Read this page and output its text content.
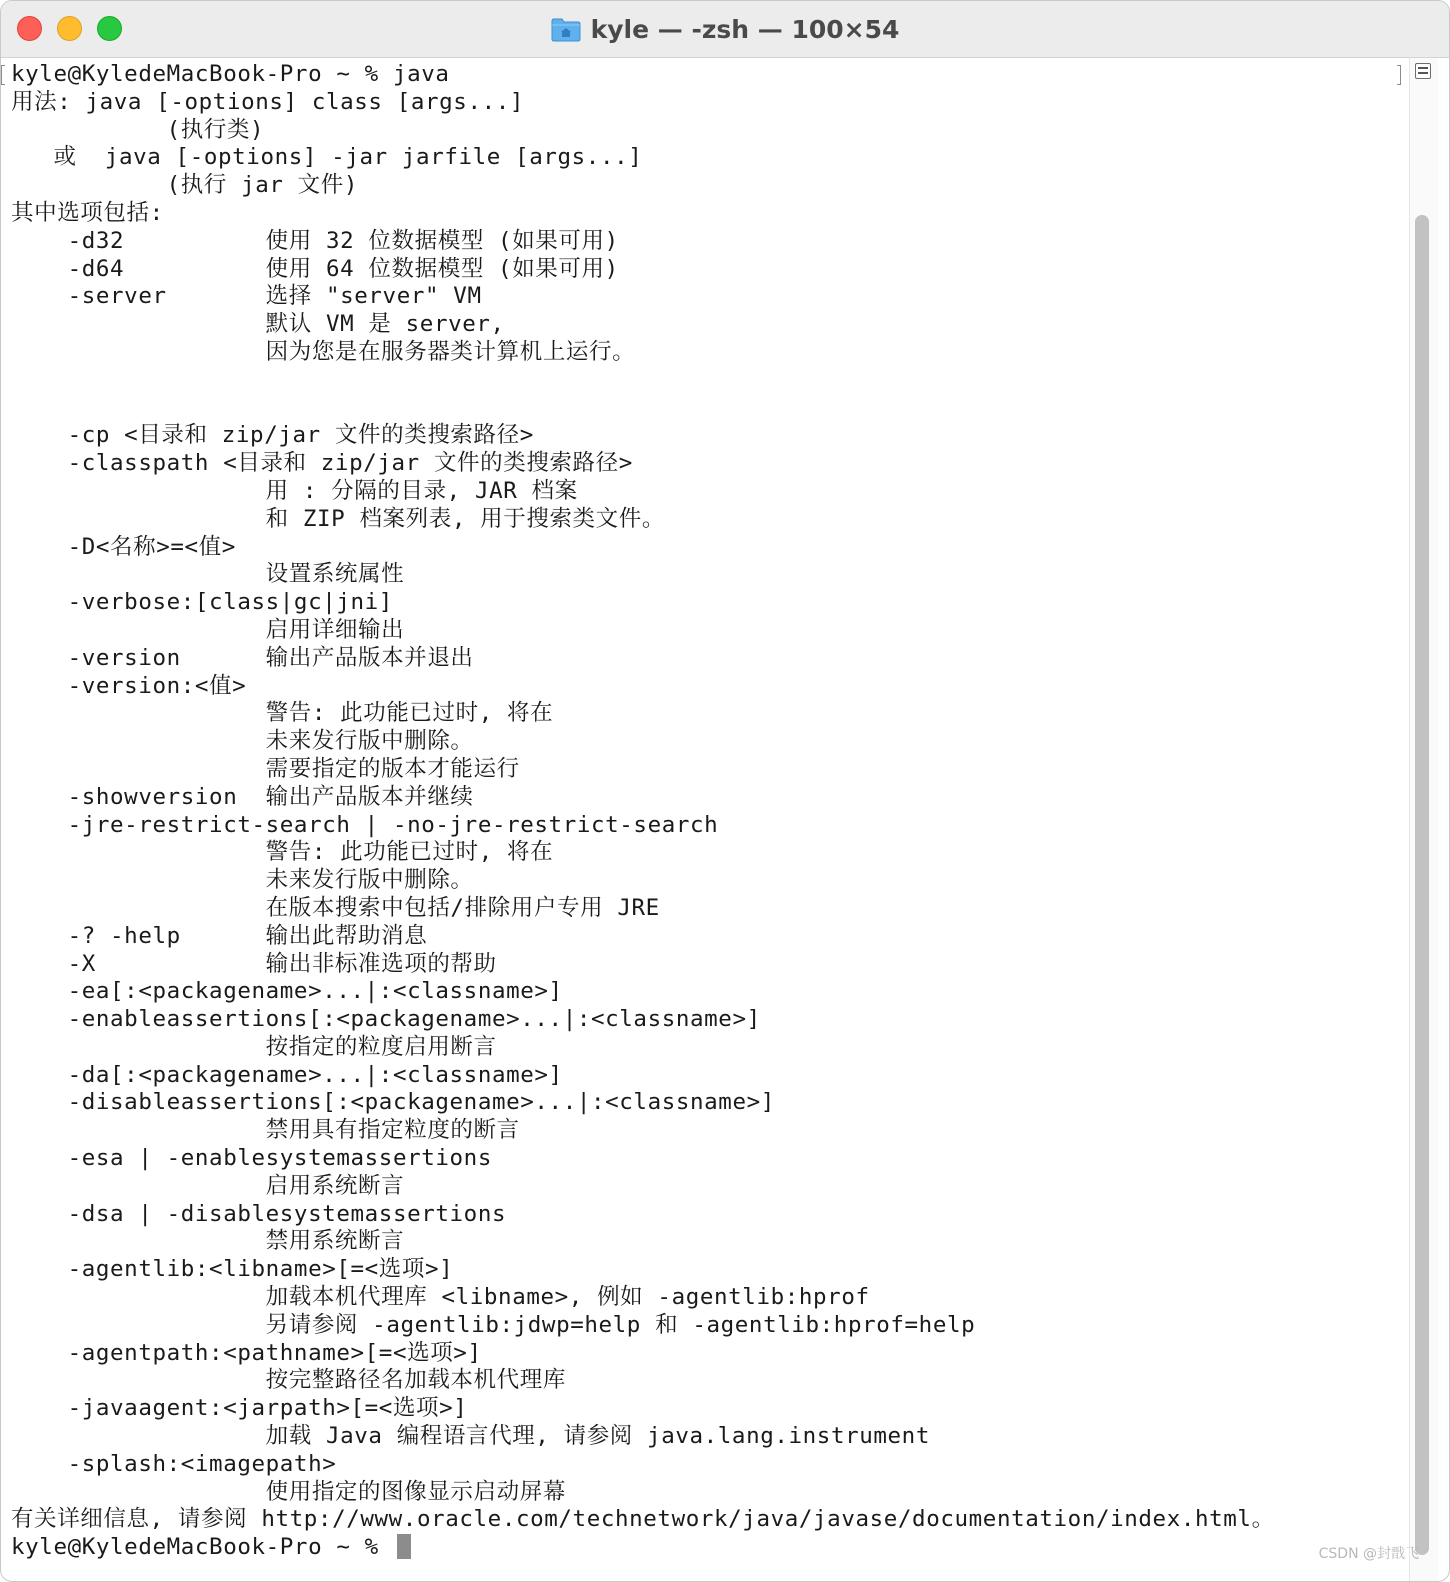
kyle — -zsh — 100×54
kyle@KyledeMacBook-Pro ~ % java
用法: java [-options] class [args...]
(执行类)
或  java [-options] -jar jarfile [args...]
(执行 jar 文件)
其中选项包括:
-d32          使用 32 位数据模型 (如果可用)
-d64          使用 64 位数据模型 (如果可用)
-server       选择 "server" VM
默认 VM 是 server,
因为您是在服务器类计算机上运行。
-cp <目录和 zip/jar 文件的类搜索路径>
-classpath <目录和 zip/jar 文件的类搜索路径>
用 : 分隔的目录, JAR 档案
和 ZIP 档案列表, 用于搜索类文件。
-D<名称>=<值>
设置系统属性
-verbose:[class|gc|jni]
启用详细输出
-version      输出产品版本并退出
-version:<值>
警告: 此功能已过时, 将在
未来发行版中删除。
需要指定的版本才能运行
-showversion  输出产品版本并继续
-jre-restrict-search | -no-jre-restrict-search
警告: 此功能已过时, 将在
未来发行版中删除。
在版本搜索中包括/排除用户专用 JRE
-? -help      输出此帮助消息
-X            输出非标准选项的帮助
-ea[:<packagename>...|:<classname>]
-enableassertions[:<packagename>...|:<classname>]
按指定的粒度启用断言
-da[:<packagename>...|:<classname>]
-disableassertions[:<packagename>...|:<classname>]
禁用具有指定粒度的断言
-esa | -enablesystemassertions
启用系统断言
-dsa | -disablesystemassertions
禁用系统断言
-agentlib:<libname>[=<选项>]
加载本机代理库 <libname>, 例如 -agentlib:hprof
另请参阅 -agentlib:jdwp=help 和 -agentlib:hprof=help
-agentpath:<pathname>[=<选项>]
按完整路径名加载本机代理库
-javaagent:<jarpath>[=<选项>]
加载 Java 编程语言代理, 请参阅 java.lang.instrument
-splash:<imagepath>
使用指定的图像显示启动屏幕
有关详细信息, 请参阅 http://www.oracle.com/technetwork/java/javase/documentation/index.html。
kyle@KyledeMacBook-Pro ~ %	CSDN @封戬飞
